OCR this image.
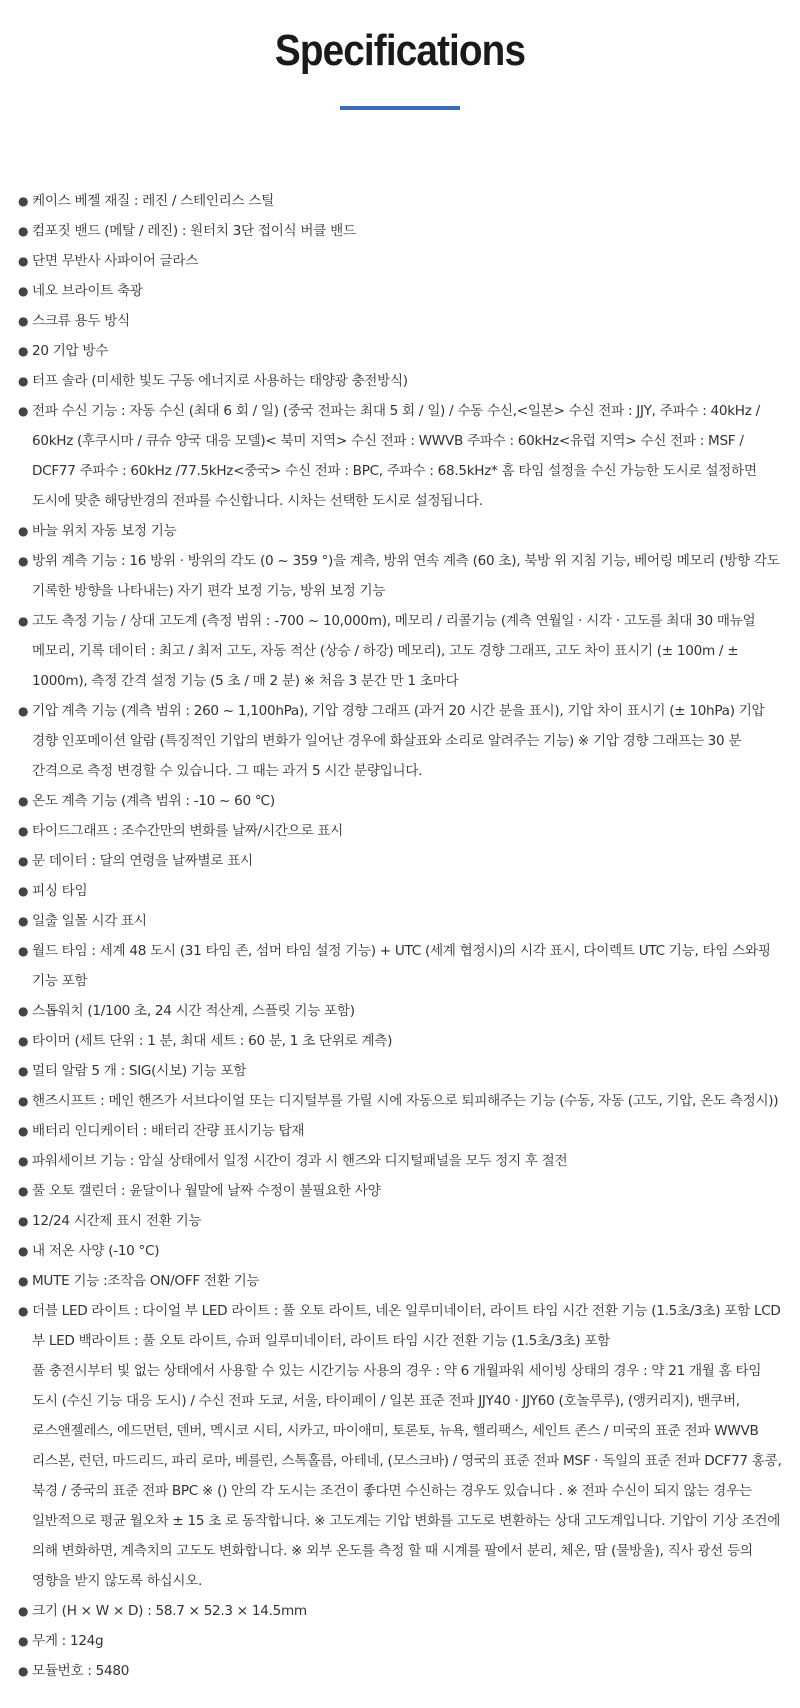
Specifications
● 케이스 베젤 재질 : 레진 / 스테인리스 스틸
● 컴포짓 밴드 (메탈 / 레진) : 원터치 3단 접이식 버클 밴드
● 단면 무반사 사파이어 글라스
● 네오 브라이트 축광
● 스크류 용두 방식
● 20 기압 방수
● 터프 솔라 (미세한 빛도 구동 에너지로 사용하는 태양광 충전방식)
● 전파 수신 기능 : 자동 수신 (최대 6 회 / 일) (중국 전파는 최대 5 회 / 일) / 수동 수신,<일본> 수신 전파 : JJY, 주파수 : 40kHz / 60kHz (후쿠시마 / 큐슈 양국 대응 모델)< 북미 지역> 수신 전파 : WWVB 주파수 : 60kHz<유럽 지역> 수신 전파 : MSF / DCF77 주파수 : 60kHz /77.5kHz<중국> 수신 전파 : BPC, 주파수 : 68.5kHz* 홈 타임 설정을 수신 가능한 도시로 설정하면 도시에 맞춘 해당반경의 전파를 수신합니다. 시차는 선택한 도시로 설정됩니다.
● 바늘 위치 자동 보정 기능
● 방위 계측 기능 : 16 방위 · 방위의 각도 (0 ~ 359 °)을 계측, 방위 연속 계측 (60 초), 북방 위 지침 기능, 베어링 메모리 (방향 각도 기록한 방향을 나타내는) 자기 편각 보정 기능, 방위 보정 기능
● 고도 측정 기능 / 상대 고도계 (측정 범위 : -700 ~ 10,000m), 메모리 / 리콜기능 (계측 연월일 · 시각 · 고도를 최대 30 매뉴얼 메모리, 기록 데이터 : 최고 / 최저 고도, 자동 적산 (상승 / 하강) 메모리), 고도 경향 그래프, 고도 차이 표시기 (± 100m / ± 1000m), 측정 간격 설정 기능 (5 초 / 매 2 분) ※ 처음 3 분간 만 1 초마다
● 기압 계측 기능 (계측 범위 : 260 ~ 1,100hPa), 기압 경향 그래프 (과거 20 시간 분을 표시), 기압 차이 표시기 (± 10hPa) 기압 경향 인포메이션 알람 (특징적인 기압의 변화가 일어난 경우에 화살표와 소리로 알려주는 기능) ※ 기압 경향 그래프는 30 분 간격으로 측정 변경할 수 있습니다. 그 때는 과거 5 시간 분량입니다.
● 온도 계측 기능 (계측 범위 : -10 ~ 60 ℃)
● 타이드그래프 : 조수간만의 변화를 날짜/시간으로 표시
● 문 데이터 : 달의 연령을 날짜별로 표시
● 피싱 타임
● 일출 일몰 시각 표시
● 월드 타임 : 세계 48 도시 (31 타임 존, 섬머 타임 설정 기능) + UTC (세계 협정시)의 시각 표시, 다이렉트 UTC 기능, 타임 스와핑 기능 포함
● 스톱워치 (1/100 초, 24 시간 적산계, 스플릿 기능 포함)
● 타이머 (세트 단위 : 1 분, 최대 세트 : 60 분, 1 초 단위로 계측)
● 멀티 알람 5 개 : SIG(시보) 기능 포함
● 핸즈시프트 : 메인 핸즈가 서브다이얼 또는 디지털부를 가릴 시에 자동으로 퇴피해주는 기능 (수동, 자동 (고도, 기압, 온도 측정시))
● 배터리 인디케이터 : 배터리 잔량 표시기능 탑재
● 파워세이브 기능 : 암실 상태에서 일정 시간이 경과 시 핸즈와 디지털패널을 모두 정지 후 절전
● 풀 오토 캘린더 : 윤달이나 월말에 날짜 수정이 불필요한 사양
● 12/24 시간제 표시 전환 기능
● 내 저온 사양 (-10 °C)
● MUTE 기능 :조작음 ON/OFF 전환 기능
● 더블 LED 라이트 : 다이얼 부 LED 라이트 : 풀 오토 라이트, 네온 일루미네이터, 라이트 타임 시간 전환 기능 (1.5초/3초) 포함 LCD 부 LED 백라이트 : 풀 오토 라이트, 슈퍼 일루미네이터, 라이트 타임 시간 전환 기능 (1.5초/3초) 포함
풀 충전시부터 빛 없는 상태에서 사용할 수 있는 시간기능 사용의 경우 : 약 6 개월파워 세이빙 상태의 경우 : 약 21 개월 홈 타임 도시 (수신 기능 대응 도시) / 수신 전파 도쿄, 서울, 타이페이 / 일본 표준 전파 JJY40 · JJY60 (호놀루루), (앵커리지), 밴쿠버, 로스앤젤레스, 에드먼턴, 덴버, 멕시코 시티, 시카고, 마이애미, 토론토, 뉴욕, 핼리팩스, 세인트 존스 / 미국의 표준 전파 WWVB 리스본, 런던, 마드리드, 파리 로마, 베를린, 스톡홀름, 아테네, (모스크바) / 영국의 표준 전파 MSF · 독일의 표준 전파 DCF77 홍콩, 북경 / 중국의 표준 전파 BPC ※ () 안의 각 도시는 조건이 좋다면 수신하는 경우도 있습니다 . ※ 전파 수신이 되지 않는 경우는 일반적으로 평균 월오차 ± 15 초 로 동작합니다. ※ 고도계는 기압 변화를 고도로 변환하는 상대 고도계입니다. 기압이 기상 조건에 의해 변화하면, 계측치의 고도도 변화합니다. ※ 외부 온도를 측정 할 때 시계를 팔에서 분리, 체온, 땀 (물방울), 직사 광선 등의 영향을 받지 않도록 하십시오.
● 크기 (H × W × D) : 58.7 × 52.3 × 14.5mm
● 무게 : 124g
● 모듈번호 : 5480
